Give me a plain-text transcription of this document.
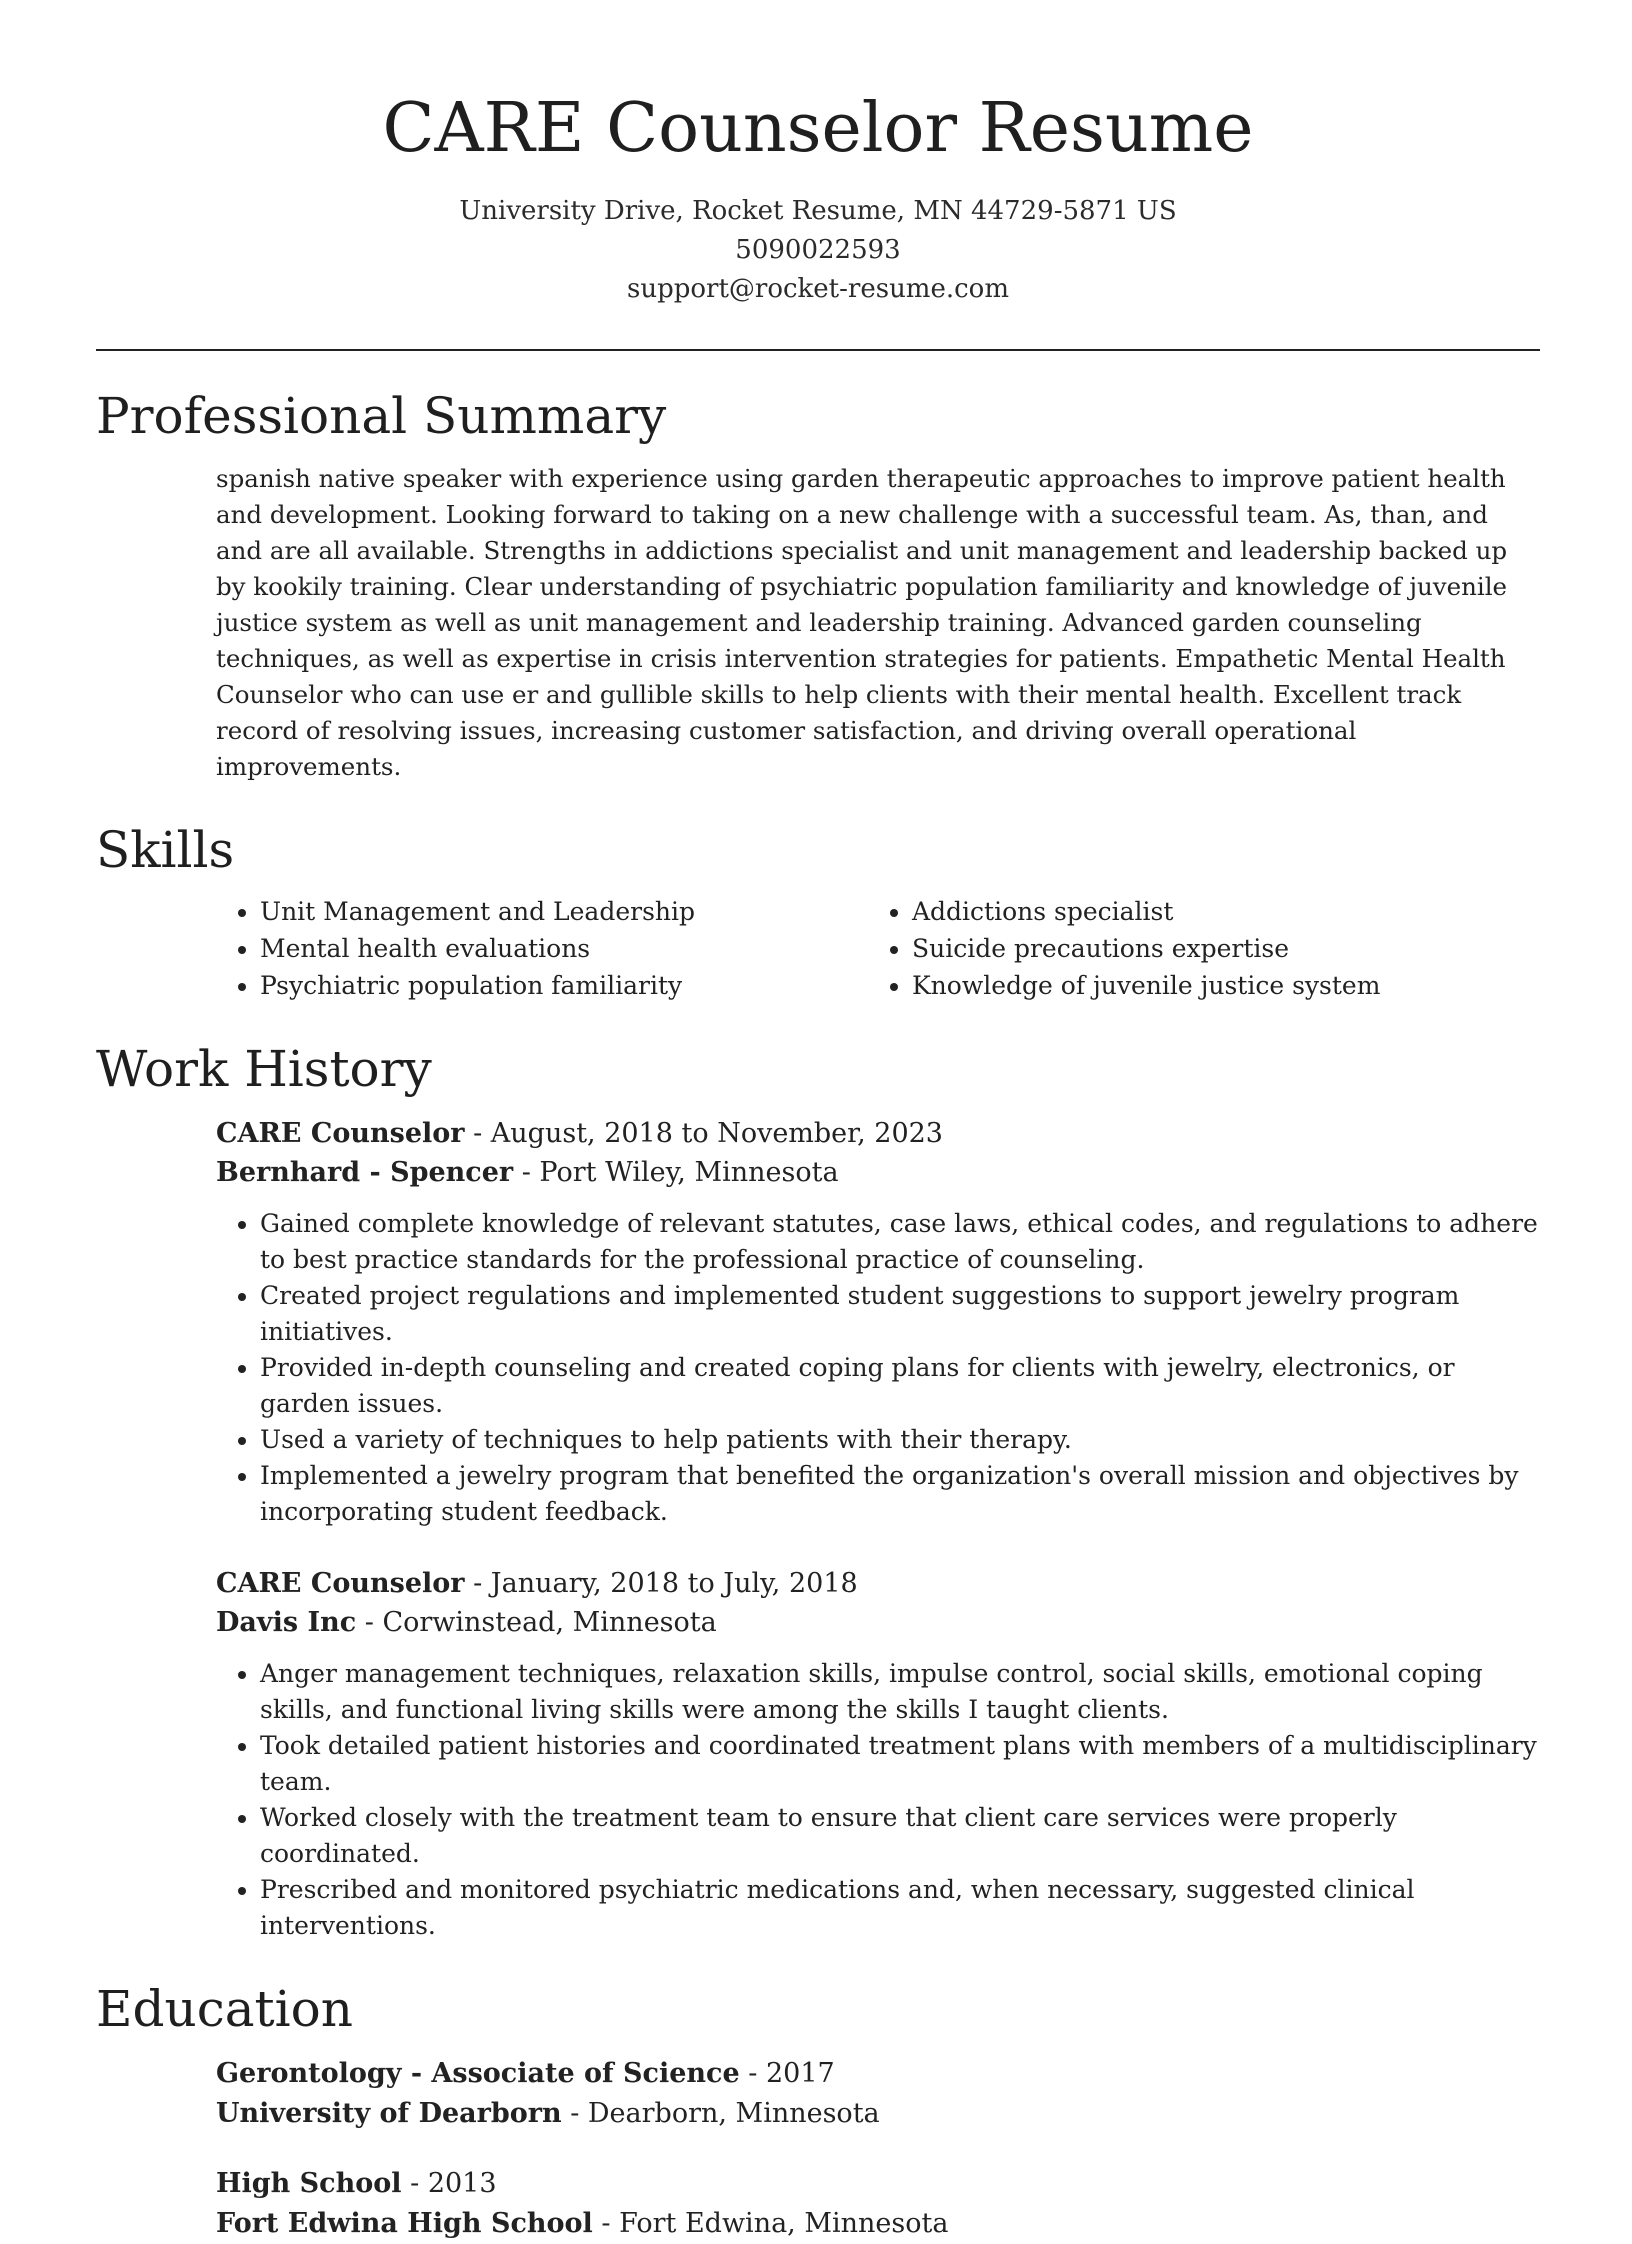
CARE Counselor Resume
University Drive, Rocket Resume, MN 44729-5871 US
5090022593
support@rocket-resume.com
Professional Summary

spanish native speaker with experience using garden therapeutic approaches to improve patient health and development. Looking forward to taking on a new challenge with a successful team. As, than, and and are all available. Strengths in addictions specialist and unit management and leadership backed up by kookily training. Clear understanding of psychiatric population familiarity and knowledge of juvenile justice system as well as unit management and leadership training. Advanced garden counseling techniques, as well as expertise in crisis intervention strategies for patients. Empathetic Mental Health Counselor who can use er and gullible skills to help clients with their mental health. Excellent track record of resolving issues, increasing customer satisfaction, and driving overall operational improvements.

Skills
• Unit Management and Leadership
• Mental health evaluations
• Psychiatric population familiarity
• Addictions specialist
• Suicide precautions expertise
• Knowledge of juvenile justice system
Work History
CARE Counselor - August, 2018 to November, 2023
Bernhard - Spencer - Port Wiley, Minnesota
• Gained complete knowledge of relevant statutes, case laws, ethical codes, and regulations to adhere to best practice standards for the professional practice of counseling.
• Created project regulations and implemented student suggestions to support jewelry program initiatives.
• Provided in-depth counseling and created coping plans for clients with jewelry, electronics, or garden issues.
• Used a variety of techniques to help patients with their therapy.
• Implemented a jewelry program that benefited the organization's overall mission and objectives by incorporating student feedback.
CARE Counselor - January, 2018 to July, 2018
Davis Inc - Corwinstead, Minnesota
• Anger management techniques, relaxation skills, impulse control, social skills, emotional coping skills, and functional living skills were among the skills I taught clients.
• Took detailed patient histories and coordinated treatment plans with members of a multidisciplinary team.
• Worked closely with the treatment team to ensure that client care services were properly coordinated.
• Prescribed and monitored psychiatric medications and, when necessary, suggested clinical interventions.
Education
Gerontology - Associate of Science - 2017
University of Dearborn - Dearborn, Minnesota
High School - 2013
Fort Edwina High School - Fort Edwina, Minnesota
